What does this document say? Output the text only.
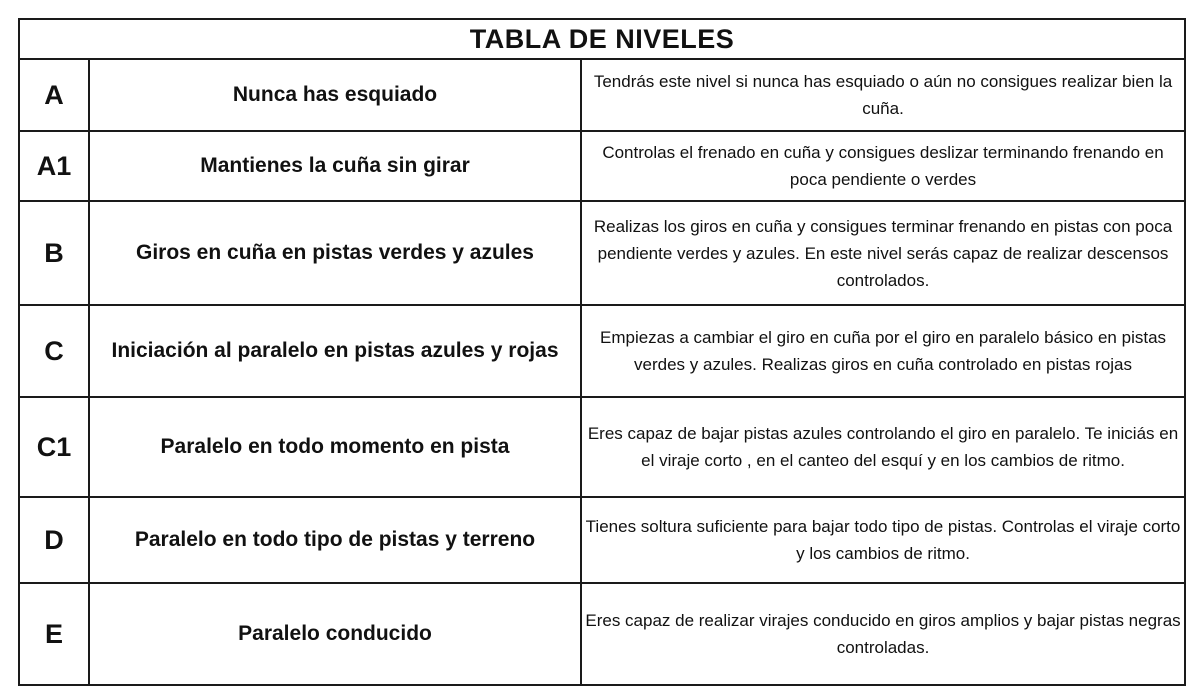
TABLA DE NIVELES		
A	Nunca has esquiado	Tendrás este nivel si nunca has esquiado o aún no consigues realizar bien la cuña.
A1	Mantienes la cuña sin girar	Controlas el frenado en cuña y consigues deslizar terminando frenando en poca pendiente o verdes
B	Giros en cuña en pistas verdes y azules	Realizas los giros en cuña y consigues terminar frenando en pistas con poca pendiente verdes y azules. En este nivel serás capaz de realizar descensos controlados.
C	Iniciación al paralelo en pistas azules y rojas	Empiezas a cambiar el giro en cuña por el giro en paralelo básico en pistas verdes y azules. Realizas giros en cuña controlado en pistas rojas
C1	Paralelo en todo momento en pista	Eres capaz de bajar pistas azules controlando el giro en paralelo. Te iniciás en el viraje corto , en el canteo del esquí y en los cambios de ritmo.
D	Paralelo en todo tipo de pistas y terreno	Tienes soltura suficiente para bajar todo tipo de pistas. Controlas el viraje corto y los cambios de ritmo.
E	Paralelo conducido	Eres capaz de realizar virajes conducido en giros amplios y bajar pistas negras controladas.
